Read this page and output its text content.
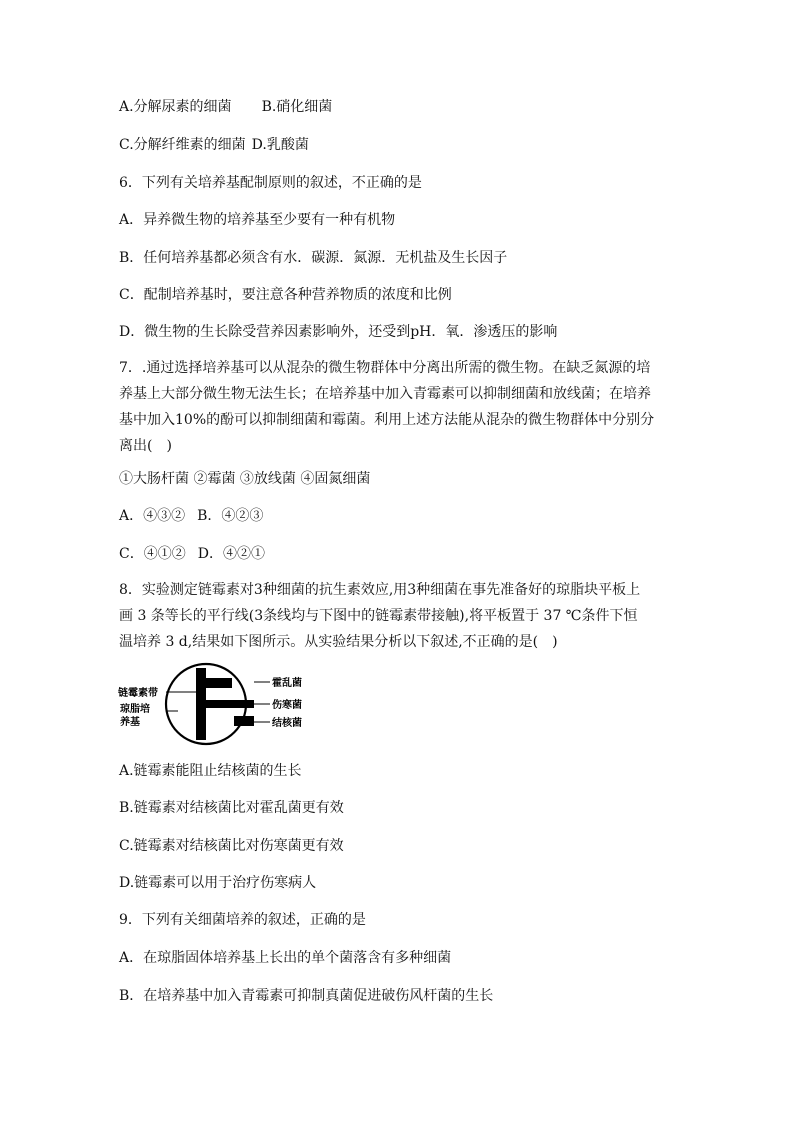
A.分解尿素的细菌 B.硝化细菌
C.分解纤维素的细菌 D.乳酸菌
6．下列有关培养基配制原则的叙述，不正确的是
A．异养微生物的培养基至少要有一种有机物
B．任何培养基都必须含有水．碳源．氮源．无机盐及生长因子
C．配制培养基时，要注意各种营养物质的浓度和比例
D．微生物的生长除受营养因素影响外，还受到pH．氧．渗透压的影响

7．.通过选择培养基可以从混杂的微生物群体中分离出所需的微生物。在缺乏氮源的培

养基上大部分微生物无法生长；在培养基中加入青霉素可以抑制细菌和放线菌；在培养

基中加入10%的酚可以抑制细菌和霉菌。利用上述方法能从混杂的微生物群体中分别分

离出(　)

①大肠杆菌 ②霉菌 ③放线菌 ④固氮细菌
A．④③② B．④②③
C．④①② D．④②①

8．实验测定链霉素对3种细菌的抗生素效应,用3种细菌在事先准备好的琼脂块平板上

画 3 条等长的平行线(3条线均与下图中的链霉素带接触),将平板置于 37 ℃条件下恒

温培养 3 d,结果如下图所示。从实验结果分析以下叙述,不正确的是(　)

链霉素带
琼脂培
养基
霍乱菌
伤寒菌
结核菌
A.链霉素能阻止结核菌的生长
B.链霉素对结核菌比对霍乱菌更有效
C.链霉素对结核菌比对伤寒菌更有效
D.链霉素可以用于治疗伤寒病人
9．下列有关细菌培养的叙述，正确的是
A．在琼脂固体培养基上长出的单个菌落含有多种细菌
B．在培养基中加入青霉素可抑制真菌促进破伤风杆菌的生长
